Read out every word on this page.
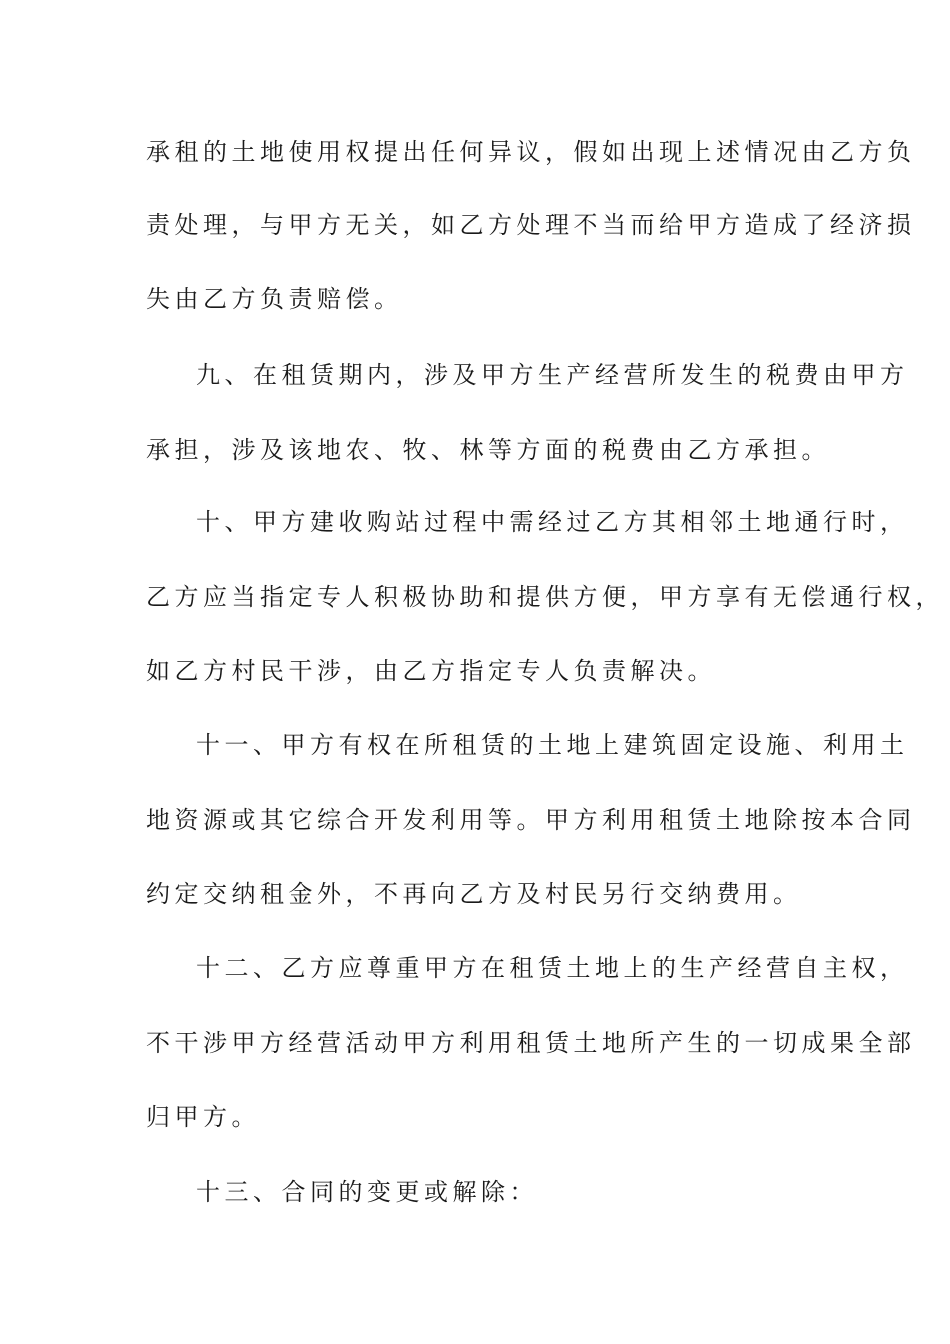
承租的土地使用权提出任何异议，假如出现上述情况由乙方负
责处理，与甲方无关，如乙方处理不当而给甲方造成了经济损
失由乙方负责赔偿。
九、在租赁期内，涉及甲方生产经营所发生的税费由甲方
承担，涉及该地农、牧、林等方面的税费由乙方承担。
十、甲方建收购站过程中需经过乙方其相邻土地通行时，
乙方应当指定专人积极协助和提供方便，甲方享有无偿通行权，
如乙方村民干涉，由乙方指定专人负责解决。
十一、甲方有权在所租赁的土地上建筑固定设施、利用土
地资源或其它综合开发利用等。甲方利用租赁土地除按本合同
约定交纳租金外，不再向乙方及村民另行交纳费用。
十二、乙方应尊重甲方在租赁土地上的生产经营自主权，
不干涉甲方经营活动甲方利用租赁土地所产生的一切成果全部
归甲方。
十三、合同的变更或解除：
